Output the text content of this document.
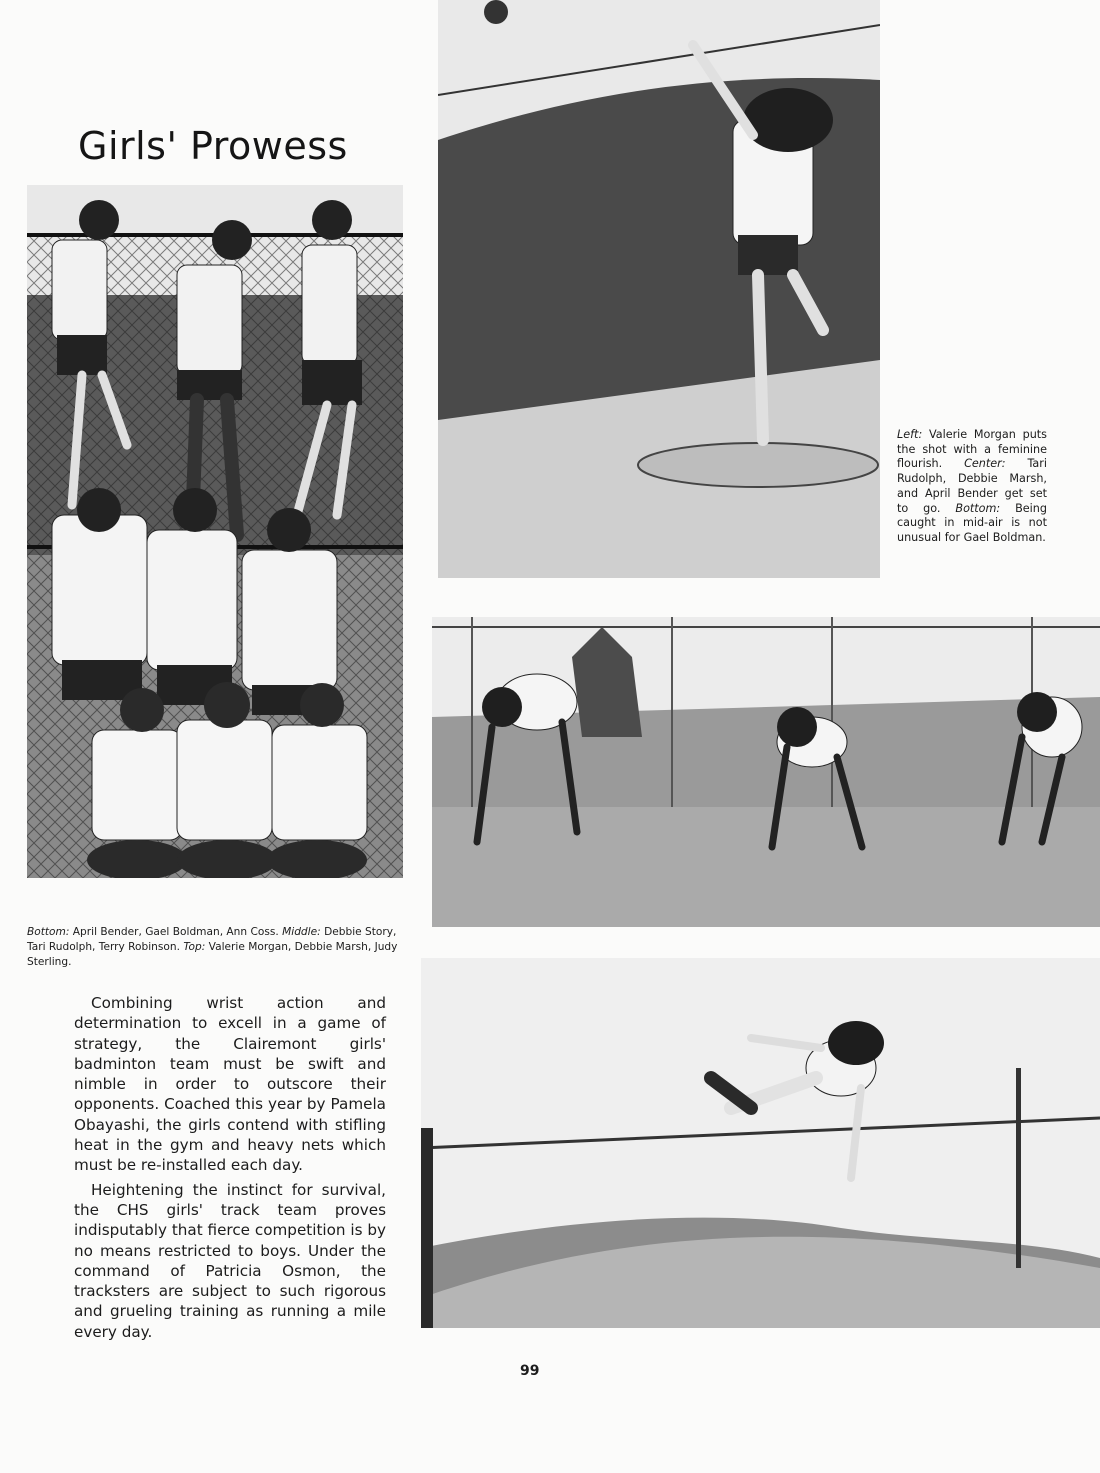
Girls' Prowess
Bottom: April Bender, Gael Boldman, Ann Coss. Middle: Debbie Story, Tari Rudolph, Terry Robinson. Top: Valerie Morgan, Debbie Marsh, Judy Sterling.
Left: Valerie Morgan puts the shot with a feminine flourish. Center: Tari Rudolph, Debbie Marsh, and April Bender get set to go. Bottom: Being caught in mid-air is not unusual for Gael Boldman.

Combining wrist action and determination to excell in a game of strategy, the Clairemont girls' badminton team must be swift and nimble in order to outscore their opponents. Coached this year by Pamela Obayashi, the girls contend with stifling heat in the gym and heavy nets which must be re-installed each day.

Heightening the instinct for survival, the CHS girls' track team proves indisputably that fierce competition is by no means restricted to boys. Under the command of Patricia Osmon, the tracksters are subject to such rigorous and grueling training as running a mile every day.

99
